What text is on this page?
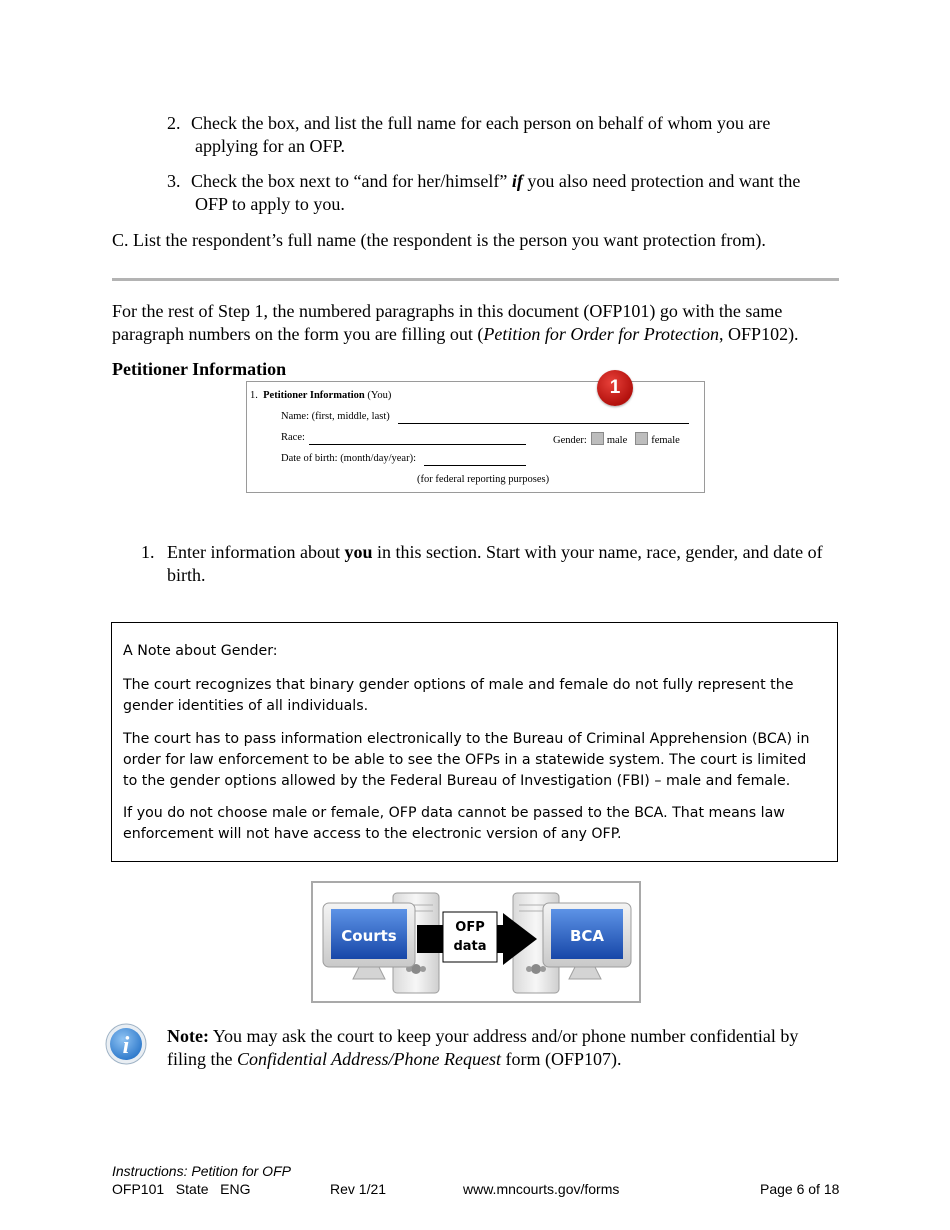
2. Check the box, and list the full name for each person on behalf of whom you are
applying for an OFP.
3. Check the box next to “and for her/himself” if you also need protection and want the
OFP to apply to you.
C. List the respondent’s full name (the respondent is the person you want protection from).
For the rest of Step 1, the numbered paragraphs in this document (OFP101) go with the same
paragraph numbers on the form you are filling out (Petition for Order for Protection, OFP102).
Petitioner Information
1. Petitioner Information (You)
Name: (first, middle, last)
Race:	Gender: male female
Date of birth: (month/day/year):
(for federal reporting purposes)
1
1. Enter information about you in this section. Start with your name, race, gender, and date of
birth.

A Note about Gender:

The court recognizes that binary gender options of male and female do not fully represent the gender identities of all individuals.

The court has to pass information electronically to the Bureau of Criminal Apprehension (BCA) in order for law enforcement to be able to see the OFPs in a statewide system. The court is limited to the gender options allowed by the Federal Bureau of Investigation (FBI) – male and female.

If you do not choose male or female, OFP data cannot be passed to the BCA. That means law enforcement will not have access to the electronic version of any OFP.

Courts	BCA
OFP
data
i Note: You may ask the court to keep your address and/or phone number confidential by
filing the Confidential Address/Phone Request form (OFP107).
Instructions: Petition for OFP
OFP101   State   ENG	Rev 1/21	www.mncourts.gov/forms	Page 6 of 18
